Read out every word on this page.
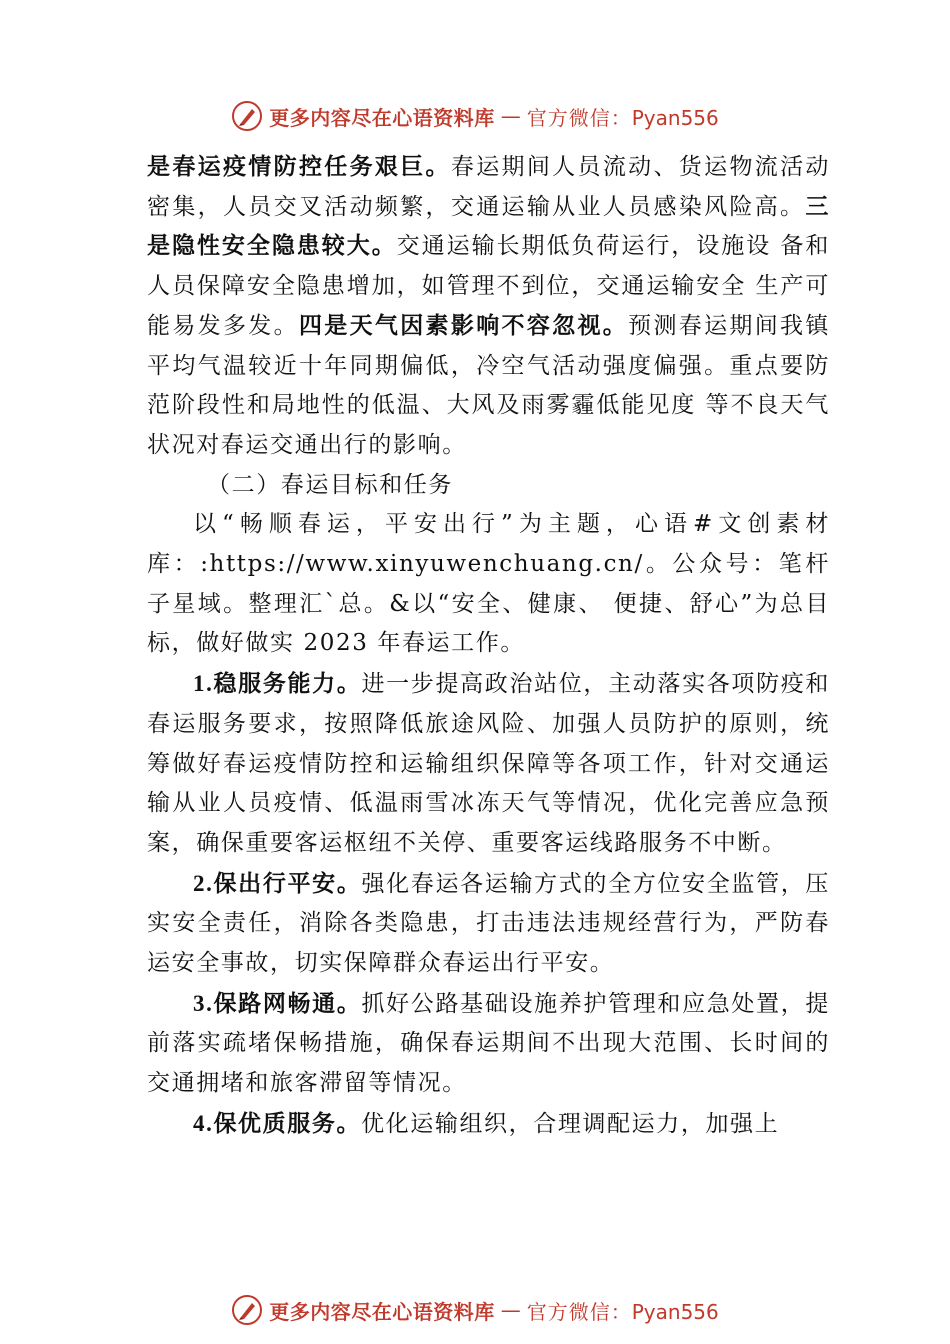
更多内容尽在心语资料库 — 官方微信：Pyan556

是春运疫情防控任务艰巨。春运期间人员流动、货运物流活动密集，人员交叉活动频繁，交通运输从业人员感染风险高。三是隐性安全隐患较大。交通运输长期低负荷运行，设施设 备和人员保障安全隐患增加，如管理不到位，交通运输安全 生产可能易发多发。四是天气因素影响不容忽视。预测春运期间我镇平均气温较近十年同期偏低，冷空气活动强度偏强。重点要防范阶段性和局地性的低温、大风及雨雾霾低能见度 等不良天气状况对春运交通出行的影响。

（二）春运目标和任务

以“畅顺春运，平安出行”为主题，心语#文创素材库：:https://www.xinyuwenchuang.cn/。公众号：笔杆子星域。整理汇`总。&以“安全、健康、 便捷、舒心”为总目标，做好做实 2023 年春运工作。

1.稳服务能力。进一步提高政治站位，主动落实各项防疫和春运服务要求，按照降低旅途风险、加强人员防护的原则，统筹做好春运疫情防控和运输组织保障等各项工作，针对交通运输从业人员疫情、低温雨雪冰冻天气等情况，优化完善应急预案，确保重要客运枢纽不关停、重要客运线路服务不中断。

2.保出行平安。强化春运各运输方式的全方位安全监管，压实安全责任，消除各类隐患，打击违法违规经营行为，严防春运安全事故，切实保障群众春运出行平安。

3.保路网畅通。抓好公路基础设施养护管理和应急处置，提前落实疏堵保畅措施，确保春运期间不出现大范围、长时间的交通拥堵和旅客滞留等情况。

4.保优质服务。优化运输组织，合理调配运力，加强上

更多内容尽在心语资料库 — 官方微信：Pyan556
